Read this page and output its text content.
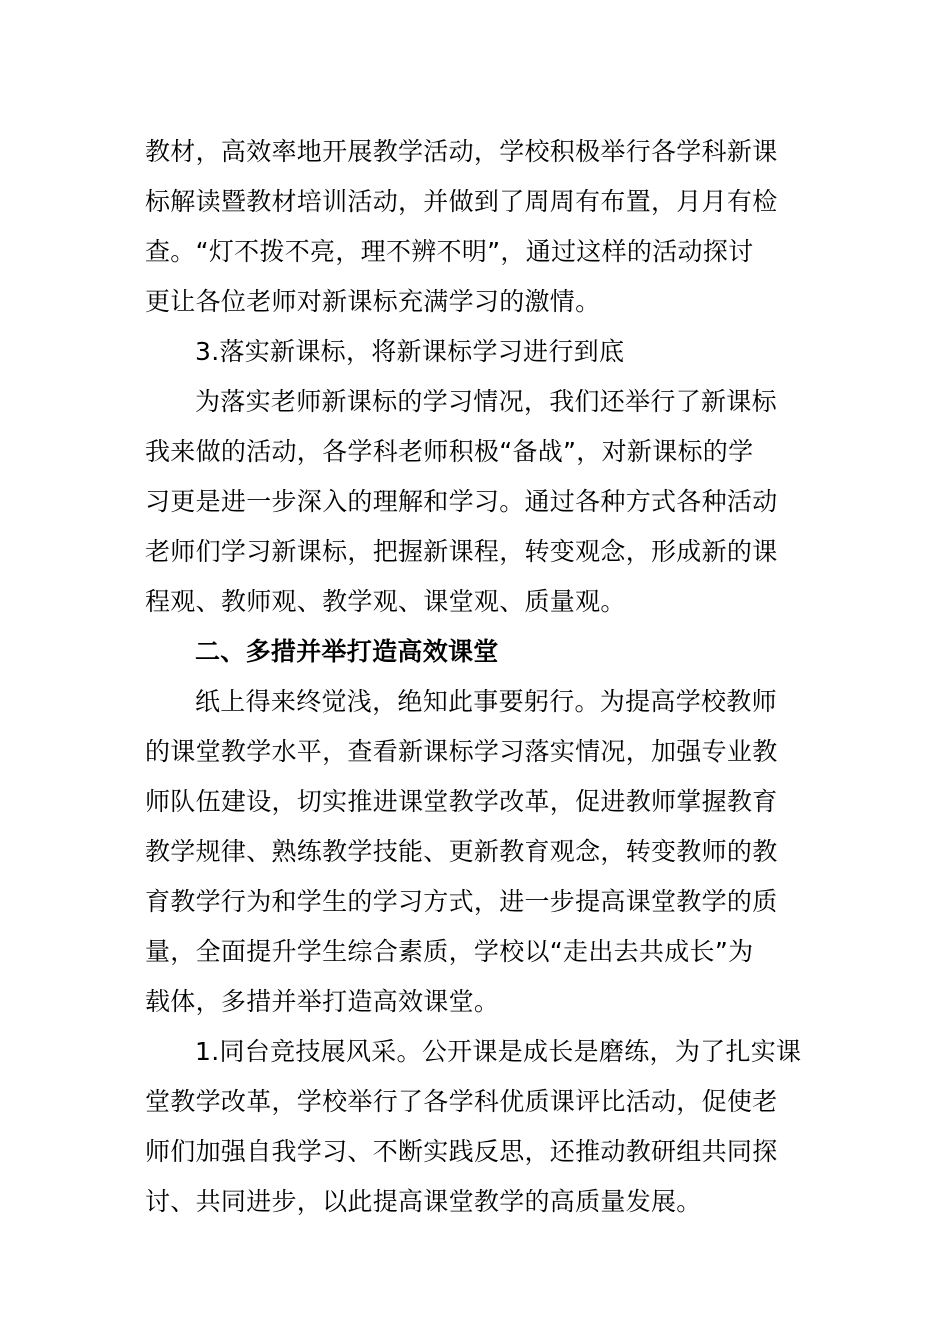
教材，高效率地开展教学活动，学校积极举行各学科新课
标解读暨教材培训活动，并做到了周周有布置，月月有检
查。“灯不拨不亮，理不辨不明”，通过这样的活动探讨
更让各位老师对新课标充满学习的激情。
3.落实新课标，将新课标学习进行到底
为落实老师新课标的学习情况，我们还举行了新课标
我来做的活动，各学科老师积极“备战”，对新课标的学
习更是进一步深入的理解和学习。通过各种方式各种活动
老师们学习新课标，把握新课程，转变观念，形成新的课
程观、教师观、教学观、课堂观、质量观。
二、多措并举打造高效课堂
纸上得来终觉浅，绝知此事要躬行。为提高学校教师
的课堂教学水平，查看新课标学习落实情况，加强专业教
师队伍建设，切实推进课堂教学改革，促进教师掌握教育
教学规律、熟练教学技能、更新教育观念，转变教师的教
育教学行为和学生的学习方式，进一步提高课堂教学的质
量，全面提升学生综合素质，学校以“走出去共成长”为
载体，多措并举打造高效课堂。
1.同台竞技展风采。公开课是成长是磨练，为了扎实课
堂教学改革，学校举行了各学科优质课评比活动，促使老
师们加强自我学习、不断实践反思，还推动教研组共同探
讨、共同进步，以此提高课堂教学的高质量发展。
